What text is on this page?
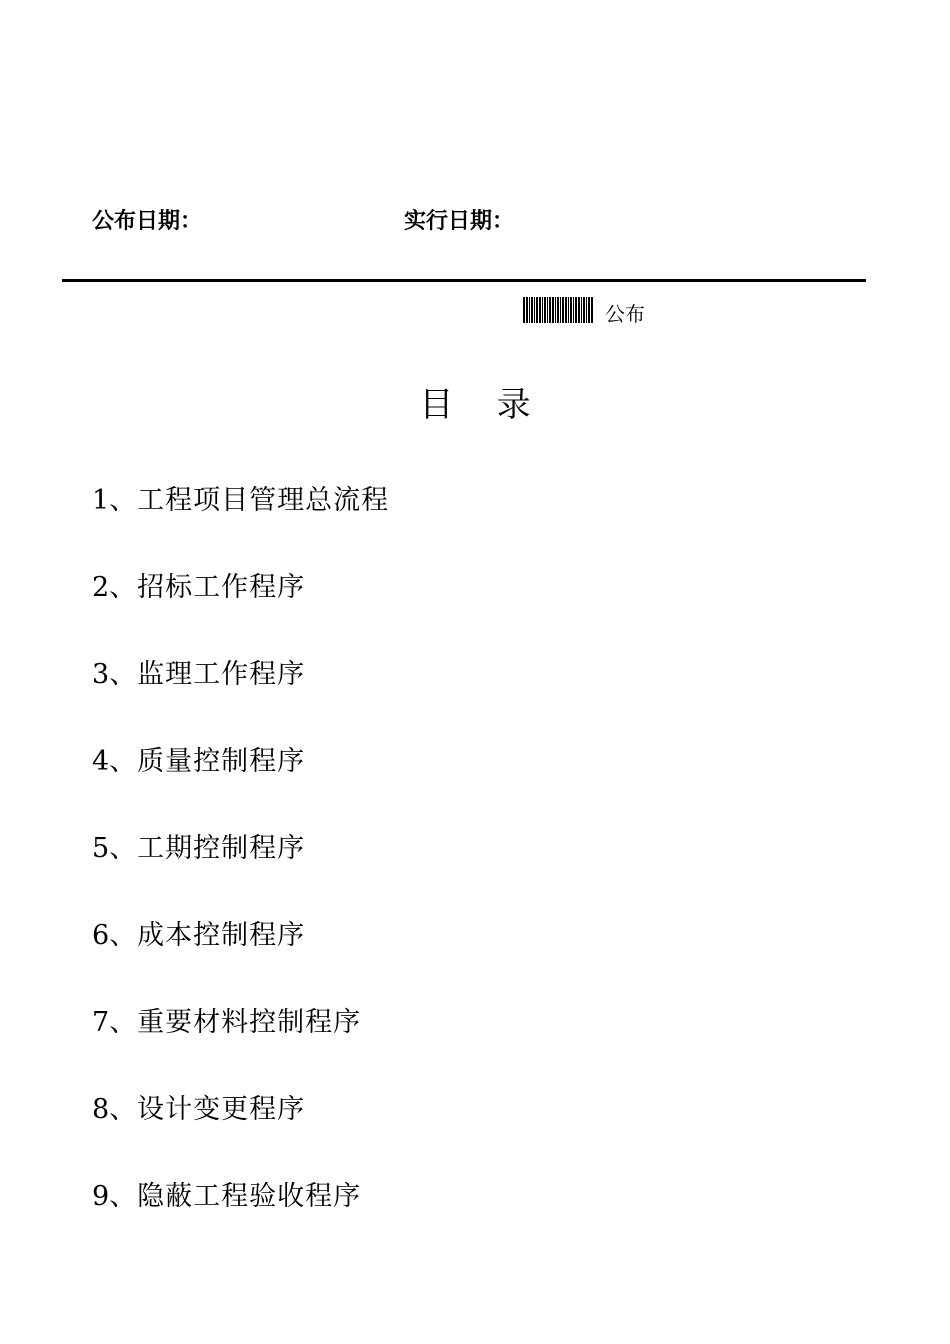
公布日期：	实行日期：
公布
目    录
1 、工程项目管理总流程
2 、招标工作程序
3 、监理工作程序
4 、质量控制程序
5 、工期控制程序
6 、成本控制程序
7 、重要材料控制程序
8 、设计变更程序
9 、隐蔽工程验收程序
